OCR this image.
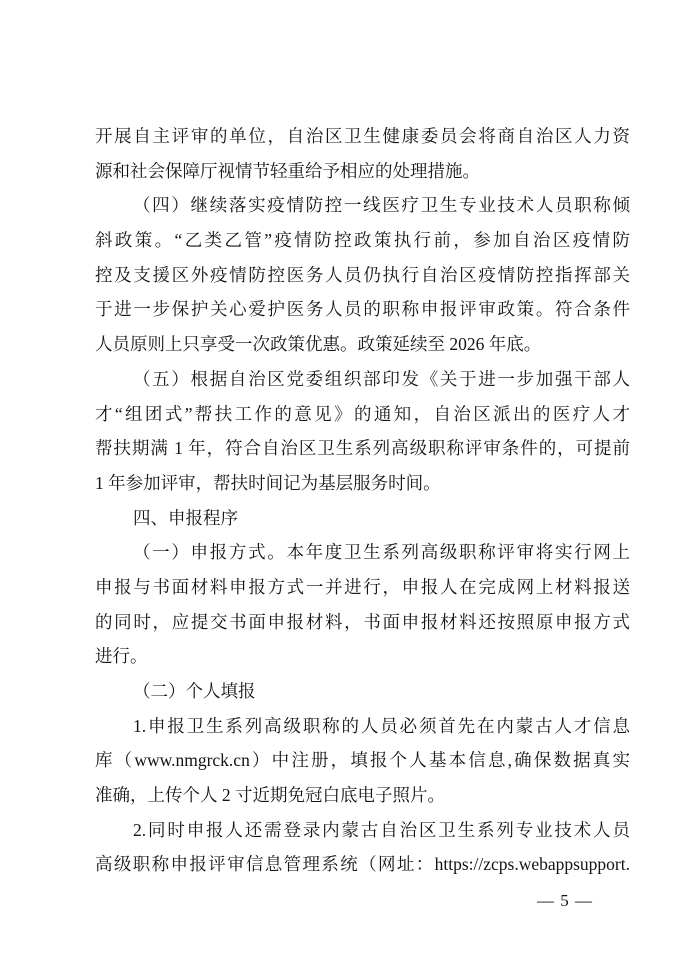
开展自主评审的单位，自治区卫生健康委员会将商自治区人力资
源和社会保障厅视情节轻重给予相应的处理措施。
（四）继续落实疫情防控一线医疗卫生专业技术人员职称倾
斜政策。“乙类乙管”疫情防控政策执行前，参加自治区疫情防
控及支援区外疫情防控医务人员仍执行自治区疫情防控指挥部关
于进一步保护关心爱护医务人员的职称申报评审政策。符合条件
人员原则上只享受一次政策优惠。政策延续至 2026 年底。
（五）根据自治区党委组织部印发《关于进一步加强干部人
才“组团式”帮扶工作的意见》的通知，自治区派出的医疗人才
帮扶期满 1 年，符合自治区卫生系列高级职称评审条件的，可提前
1 年参加评审，帮扶时间记为基层服务时间。
四、申报程序
（一）申报方式。本年度卫生系列高级职称评审将实行网上
申报与书面材料申报方式一并进行，申报人在完成网上材料报送
的同时，应提交书面申报材料，书面申报材料还按照原申报方式
进行。
（二）个人填报
1.申报卫生系列高级职称的人员必须首先在内蒙古人才信息
库（www.nmgrck.cn）中注册，填报个人基本信息,确保数据真实
准确，上传个人 2 寸近期免冠白底电子照片。
2.同时申报人还需登录内蒙古自治区卫生系列专业技术人员
高级职称申报评审信息管理系统（网址：https://zcps.webappsupport.
— 5 —
